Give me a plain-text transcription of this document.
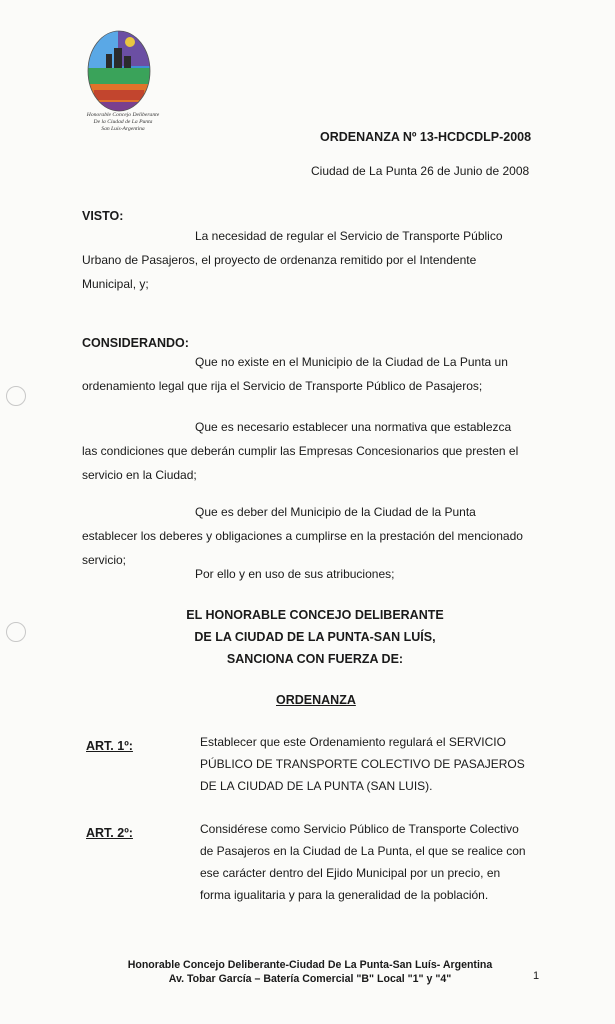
Honorable Concejo Deliberante
De la Ciudad de La Punta
San Luis-Argentina
ORDENANZA Nº 13-HCDCDLP-2008
Ciudad de La Punta 26 de Junio de 2008
VISTO:
La necesidad de regular el Servicio de Transporte Público
Urbano de Pasajeros, el proyecto de ordenanza remitido por el Intendente
Municipal, y;
CONSIDERANDO:
Que no existe en el Municipio de la Ciudad de La Punta un
ordenamiento legal que rija el Servicio de Transporte Público de Pasajeros;
Que es necesario establecer una normativa que establezca
las condiciones que deberán cumplir las Empresas Concesionarios que presten el
servicio en la Ciudad;
Que es deber del Municipio de la Ciudad de la Punta
establecer los deberes y obligaciones a cumplirse en la prestación del mencionado
servicio;
Por ello y en uso de sus atribuciones;
EL HONORABLE CONCEJO DELIBERANTE
DE LA CIUDAD DE LA PUNTA-SAN LUÍS,
SANCIONA CON FUERZA DE:
ORDENANZA
ART. 1º:	Establecer que este Ordenamiento regulará el SERVICIO
PÚBLICO DE TRANSPORTE COLECTIVO DE PASAJEROS
DE LA CIUDAD DE LA PUNTA (SAN LUIS).
ART. 2º:	Considérese como Servicio Público de Transporte Colectivo
de Pasajeros en la Ciudad de La Punta, el que se realice con
ese carácter dentro del Ejido Municipal por un precio, en
forma igualitaria y para la generalidad de la población.
Honorable Concejo Deliberante-Ciudad De La Punta-San Luís- Argentina
Av. Tobar García – Batería Comercial "B" Local "1" y "4"	1
